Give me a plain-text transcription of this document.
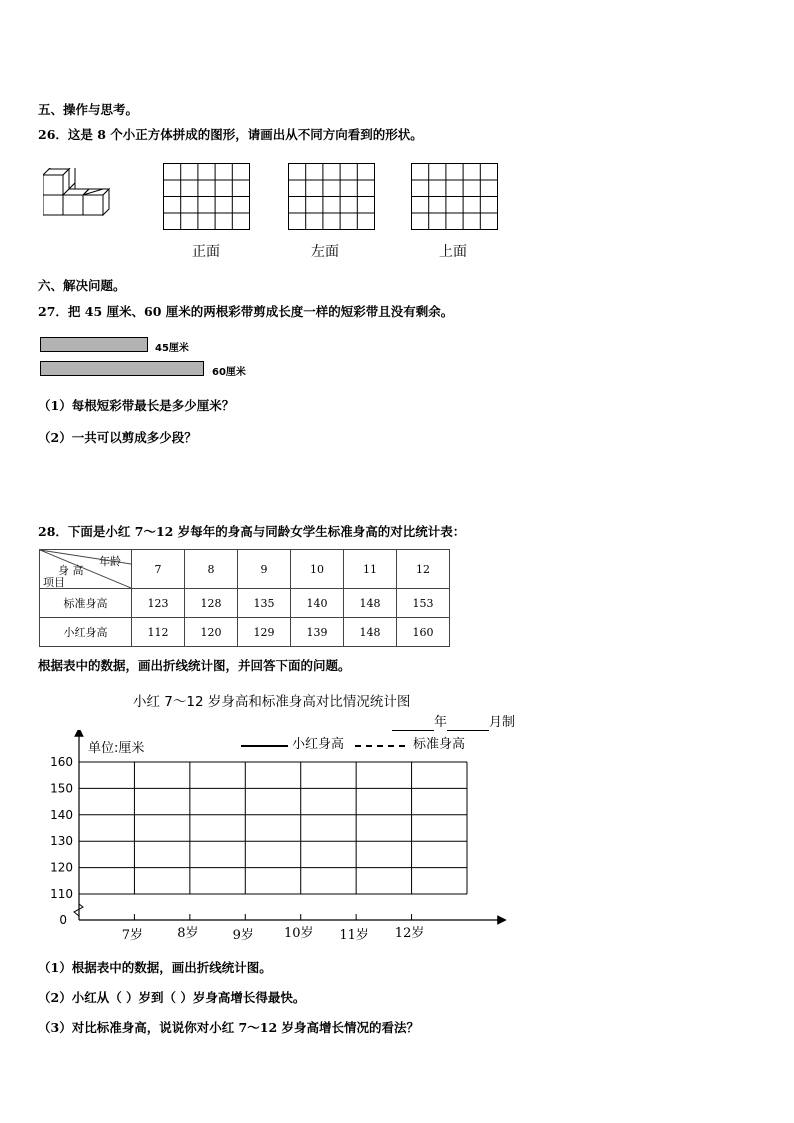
五、操作与思考。
26．这是 8 个小正方体拼成的图形，请画出从不同方向看到的形状。
正面	左面	上面
六、解决问题。
27．把 45 厘米、60 厘米的两根彩带剪成长度一样的短彩带且没有剩余。
45厘米
60厘米
（1）每根短彩带最长是多少厘米？
（2）一共可以剪成多少段？
28．下面是小红 7～12 岁每年的身高与同龄女学生标准身高的对比统计表：
年龄
身 高
项目	7	8	9	10	11	12
标准身高	123	128	135	140	148	153
小红身高	112	120	129	139	148	160
根据表中的数据，画出折线统计图，并回答下面的问题。
小红 7～12 岁身高和标准身高对比情况统计图
年	月制
单位:厘米	小红身高	标准身高
160
150
140
130
120
110
0
7岁	8岁	9岁 10岁 11岁 12岁
（1）根据表中的数据，画出折线统计图。
（2）小红从（ ）岁到（ ）岁身高增长得最快。
（3）对比标准身高，说说你对小红 7～12 岁身高增长情况的看法？
